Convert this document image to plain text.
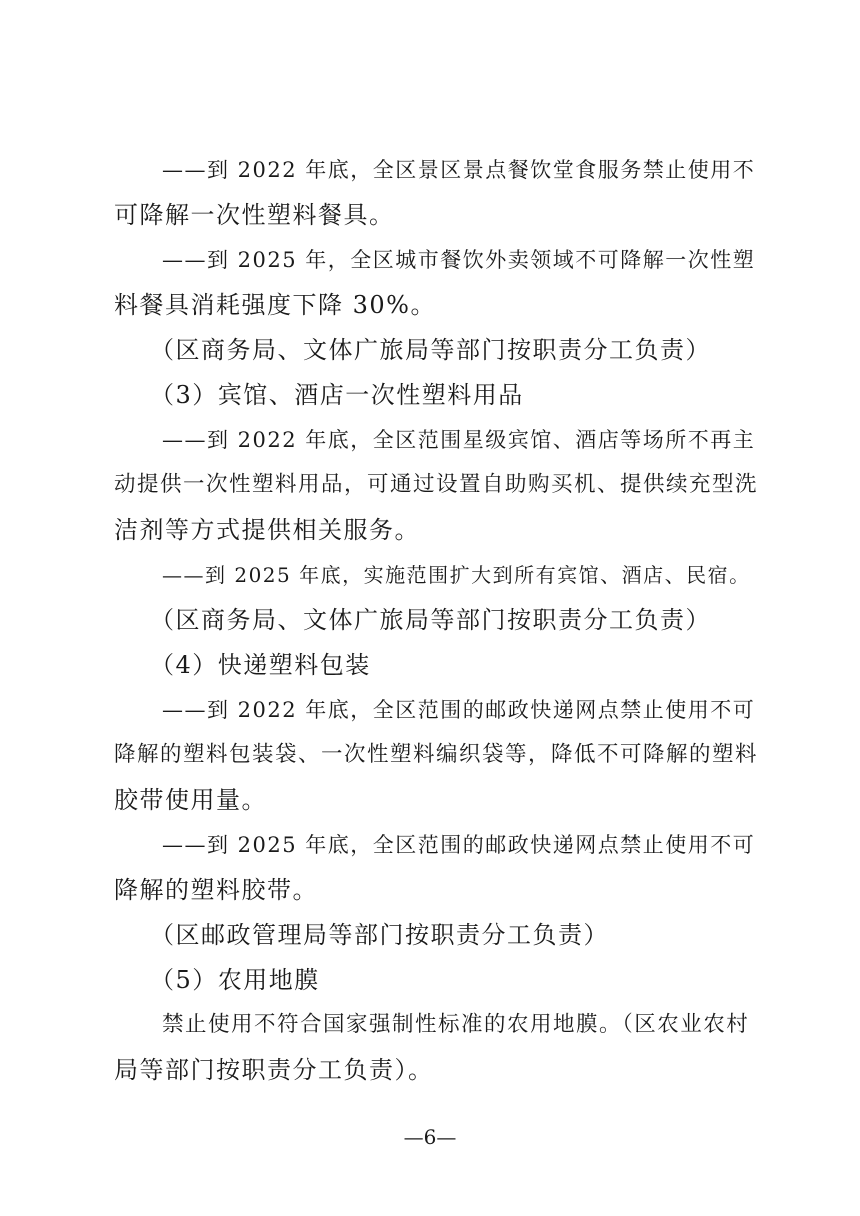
——到 2022 年底，全区景区景点餐饮堂食服务禁止使用不
可降解一次性塑料餐具。
——到 2025 年，全区城市餐饮外卖领域不可降解一次性塑
料餐具消耗强度下降 30%。
（区商务局、文体广旅局等部门按职责分工负责）
（3）宾馆、酒店一次性塑料用品
——到 2022 年底，全区范围星级宾馆、酒店等场所不再主
动提供一次性塑料用品，可通过设置自助购买机、提供续充型洗
洁剂等方式提供相关服务。
——到 2025 年底，实施范围扩大到所有宾馆、酒店、民宿。
（区商务局、文体广旅局等部门按职责分工负责）
（4）快递塑料包装
——到 2022 年底，全区范围的邮政快递网点禁止使用不可
降解的塑料包装袋、一次性塑料编织袋等，降低不可降解的塑料
胶带使用量。
——到 2025 年底，全区范围的邮政快递网点禁止使用不可
降解的塑料胶带。
（区邮政管理局等部门按职责分工负责）
（5）农用地膜
禁止使用不符合国家强制性标准的农用地膜。（区农业农村
局等部门按职责分工负责）。
—6—
